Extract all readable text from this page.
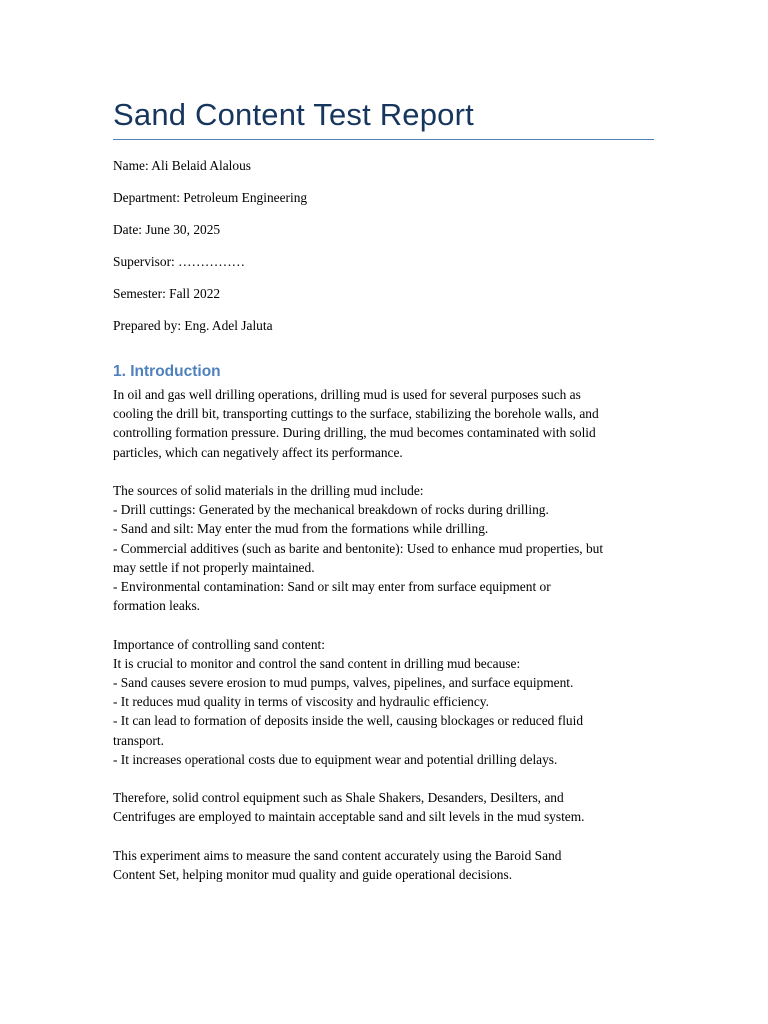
Sand Content Test Report

Name: Ali Belaid Alalous

Department: Petroleum Engineering

Date: June 30, 2025

Supervisor: ……………

Semester: Fall 2022

Prepared by: Eng. Adel Jaluta

1. Introduction
In oil and gas well drilling operations, drilling mud is used for several purposes such as
cooling the drill bit, transporting cuttings to the surface, stabilizing the borehole walls, and
controlling formation pressure. During drilling, the mud becomes contaminated with solid
particles, which can negatively affect its performance.
The sources of solid materials in the drilling mud include:
- Drill cuttings: Generated by the mechanical breakdown of rocks during drilling.
- Sand and silt: May enter the mud from the formations while drilling.
- Commercial additives (such as barite and bentonite): Used to enhance mud properties, but
may settle if not properly maintained.
- Environmental contamination: Sand or silt may enter from surface equipment or
formation leaks.
Importance of controlling sand content:
It is crucial to monitor and control the sand content in drilling mud because:
- Sand causes severe erosion to mud pumps, valves, pipelines, and surface equipment.
- It reduces mud quality in terms of viscosity and hydraulic efficiency.
- It can lead to formation of deposits inside the well, causing blockages or reduced fluid
transport.
- It increases operational costs due to equipment wear and potential drilling delays.
Therefore, solid control equipment such as Shale Shakers, Desanders, Desilters, and
Centrifuges are employed to maintain acceptable sand and silt levels in the mud system.
This experiment aims to measure the sand content accurately using the Baroid Sand
Content Set, helping monitor mud quality and guide operational decisions.
